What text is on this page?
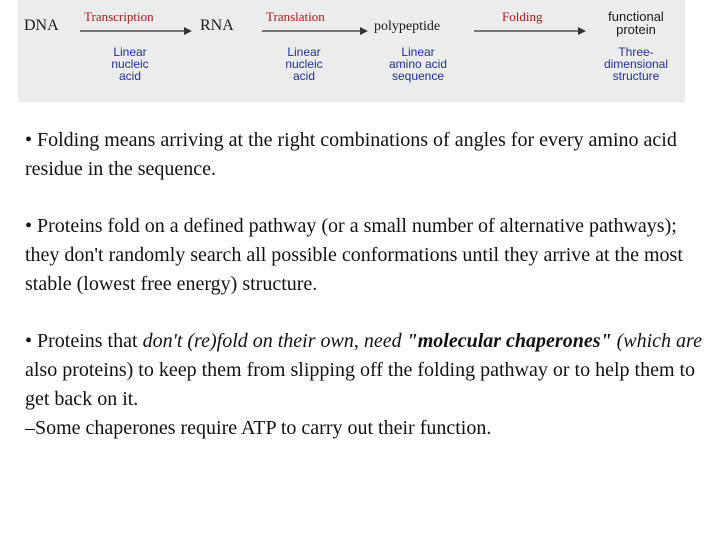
DNA
Transcription
RNA
Translation
polypeptide
Folding	functional
protein
Linear
nucleic
acid
Linear
nucleic
acid
Linear
amino acid
sequence
Three-
dimensional
structure

• Folding means arriving at the right combinations of angles for every amino acid residue in the sequence.

• Proteins fold on a defined pathway (or a small number of alternative pathways); they don't randomly search all possible conformations until they arrive at the most stable (lowest free energy) structure.

• Proteins that don't (re)fold on their own, need "molecular chaperones" (which are also proteins) to keep them from slipping off the folding pathway or to help them to get back on it.
–Some chaperones require ATP to carry out their function.
